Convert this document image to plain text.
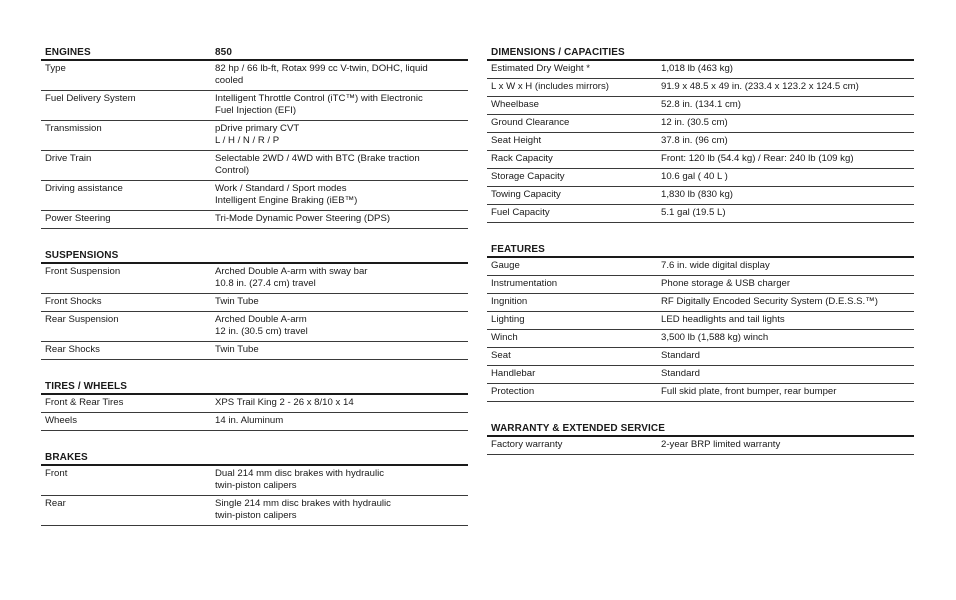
ENGINES	850
Type	82 hp / 66 lb-ft, Rotax 999 cc V-twin, DOHC, liquid
cooled
Fuel Delivery System	Intelligent Throttle Control (iTC™) with Electronic
Fuel Injection (EFI)
Transmission	pDrive primary CVT
L / H / N / R / P
Drive Train	Selectable 2WD / 4WD with BTC (Brake traction
Control)
Driving assistance	Work / Standard / Sport modes
Intelligent Engine Braking (iEB™)
Power Steering	Tri-Mode Dynamic Power Steering (DPS)
SUSPENSIONS
Front Suspension	Arched Double A-arm with sway bar
10.8 in. (27.4 cm) travel
Front Shocks	Twin Tube
Rear Suspension	Arched Double A-arm
12 in. (30.5 cm) travel
Rear Shocks	Twin Tube
TIRES / WHEELS
Front & Rear Tires	XPS Trail King 2 - 26 x 8/10 x 14
Wheels	14 in. Aluminum
BRAKES
Front	Dual 214 mm disc brakes with hydraulic
twin-piston calipers
Rear	Single 214 mm disc brakes with hydraulic
twin-piston calipers
DIMENSIONS / CAPACITIES
Estimated Dry Weight *	1,018 lb (463 kg)
L x W x H (includes mirrors)	91.9 x 48.5 x 49 in. (233.4 x 123.2 x 124.5 cm)
Wheelbase	52.8 in. (134.1 cm)
Ground Clearance	12 in. (30.5 cm)
Seat Height	37.8 in. (96 cm)
Rack Capacity	Front: 120 lb (54.4 kg) / Rear: 240 lb (109 kg)
Storage Capacity	10.6 gal ( 40 L )
Towing Capacity	1,830 lb (830 kg)
Fuel Capacity	5.1 gal (19.5 L)
FEATURES
Gauge	7.6 in. wide digital display
Instrumentation	Phone storage & USB charger
Ingnition	RF Digitally Encoded Security System (D.E.S.S.™)
Lighting	LED headlights and tail lights
Winch	3,500 lb (1,588 kg) winch
Seat	Standard
Handlebar	Standard
Protection	Full skid plate, front bumper, rear bumper
WARRANTY & EXTENDED SERVICE
Factory warranty	2-year BRP limited warranty
